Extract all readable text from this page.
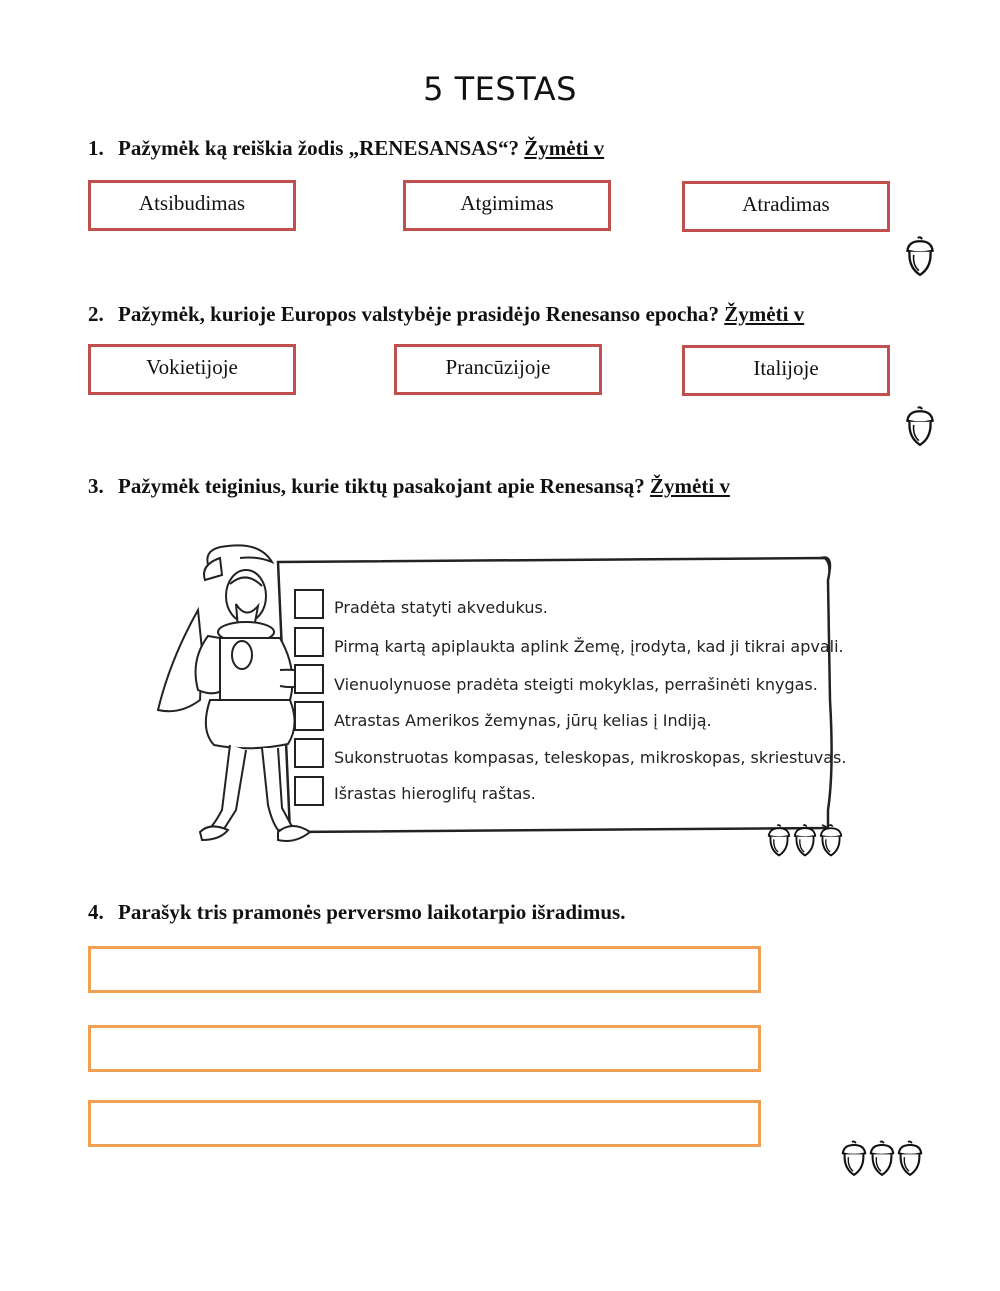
5 TESTAS
1. Pažymėk ką reiškia žodis „RENESANSAS“? Žymėti v
Atsibudimas	Atgimimas	Atradimas
2. Pažymėk, kurioje Europos valstybėje prasidėjo Renesanso epocha? Žymėti v
Vokietijoje	Prancūzijoje	Italijoje
3. Pažymėk teiginius, kurie tiktų pasakojant apie Renesansą? Žymėti v
Pradėta statyti akvedukus.
Pirmą kartą apiplaukta aplink Žemę, įrodyta, kad ji tikrai apvali.
Vienuolynuose pradėta steigti mokyklas, perrašinėti knygas.
Atrastas Amerikos žemynas, jūrų kelias į Indiją.
Sukonstruotas kompasas, teleskopas, mikroskopas, skriestuvas.
Išrastas hieroglifų raštas.
4. Parašyk tris pramonės perversmo laikotarpio išradimus.
